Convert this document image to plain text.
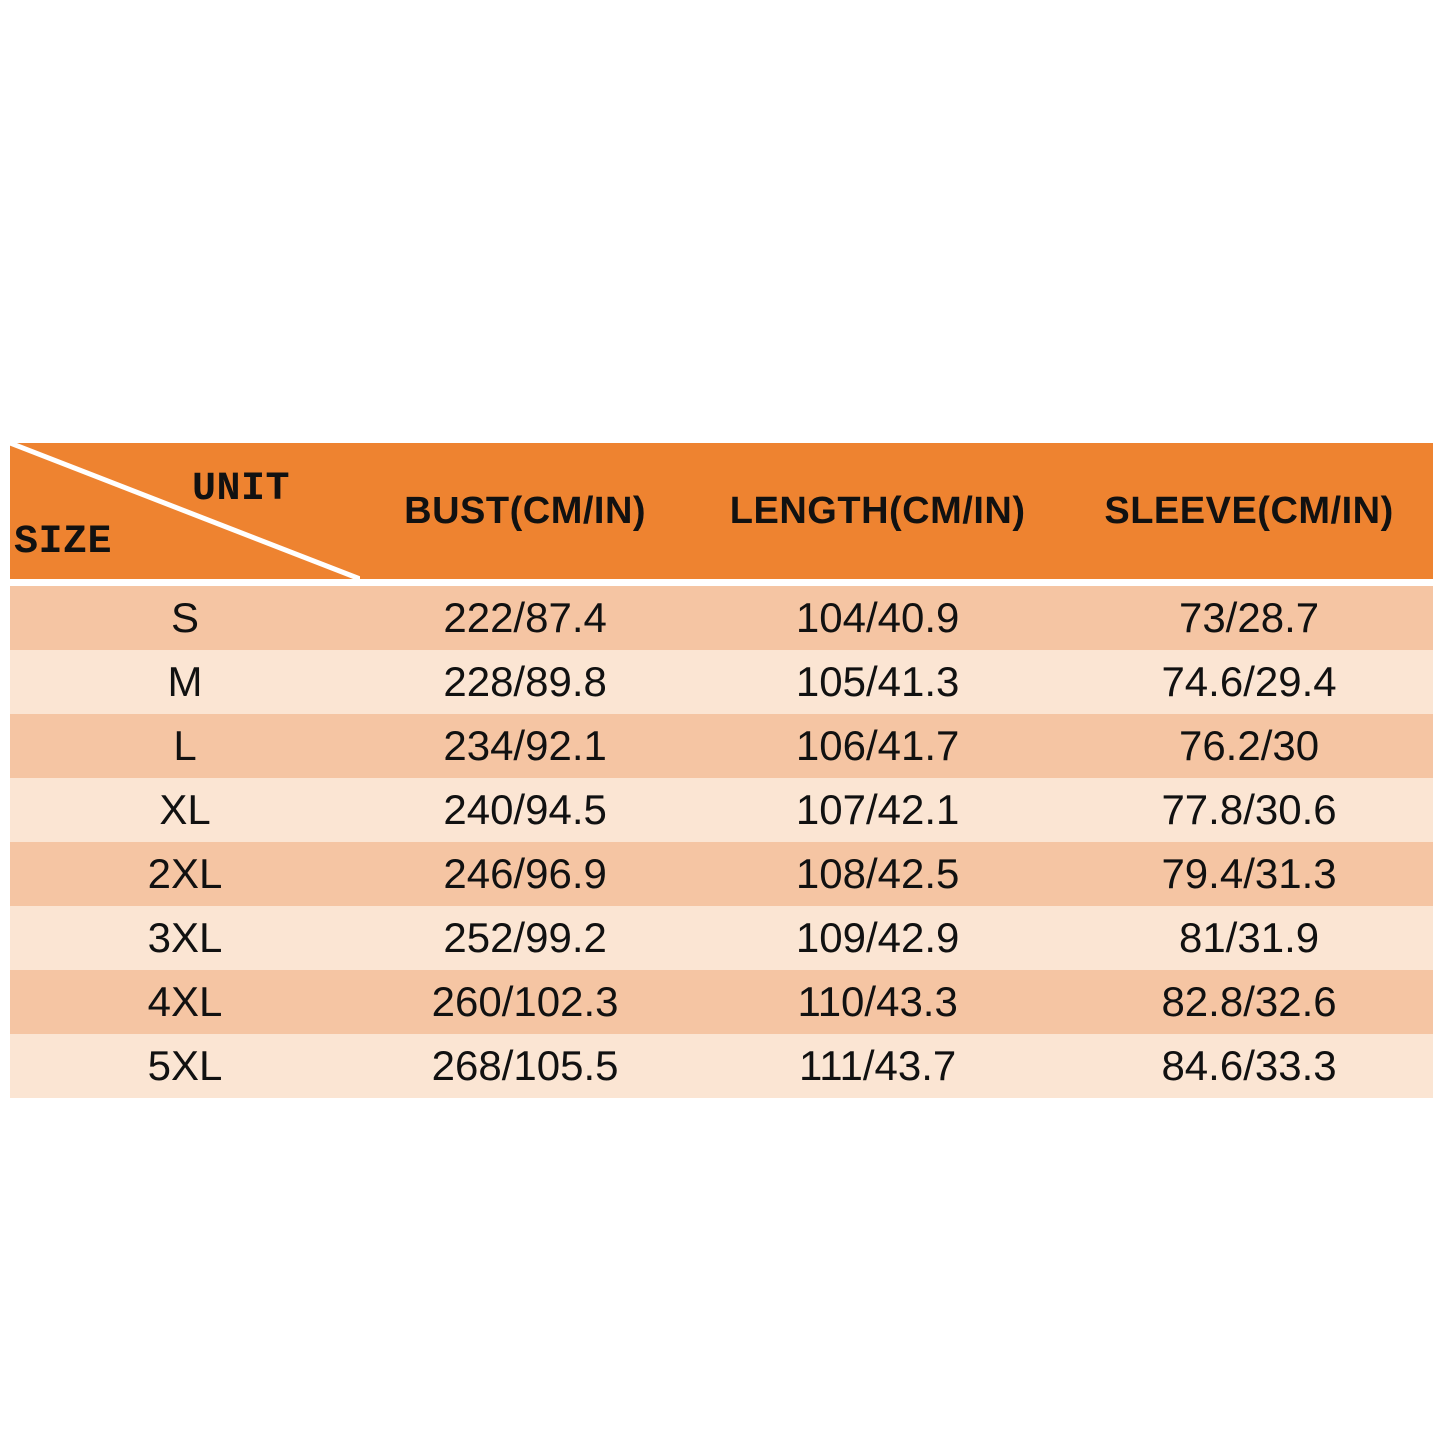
UNIT
SIZE
BUST(CM/IN)	LENGTH(CM/IN)	SLEEVE(CM/IN)
S	222/87.4	104/40.9	73/28.7
M	228/89.8	105/41.3	74.6/29.4
L	234/92.1	106/41.7	76.2/30
XL	240/94.5	107/42.1	77.8/30.6
2XL	246/96.9	108/42.5	79.4/31.3
3XL	252/99.2	109/42.9	81/31.9
4XL	260/102.3	110/43.3	82.8/32.6
5XL	268/105.5	111/43.7	84.6/33.3
